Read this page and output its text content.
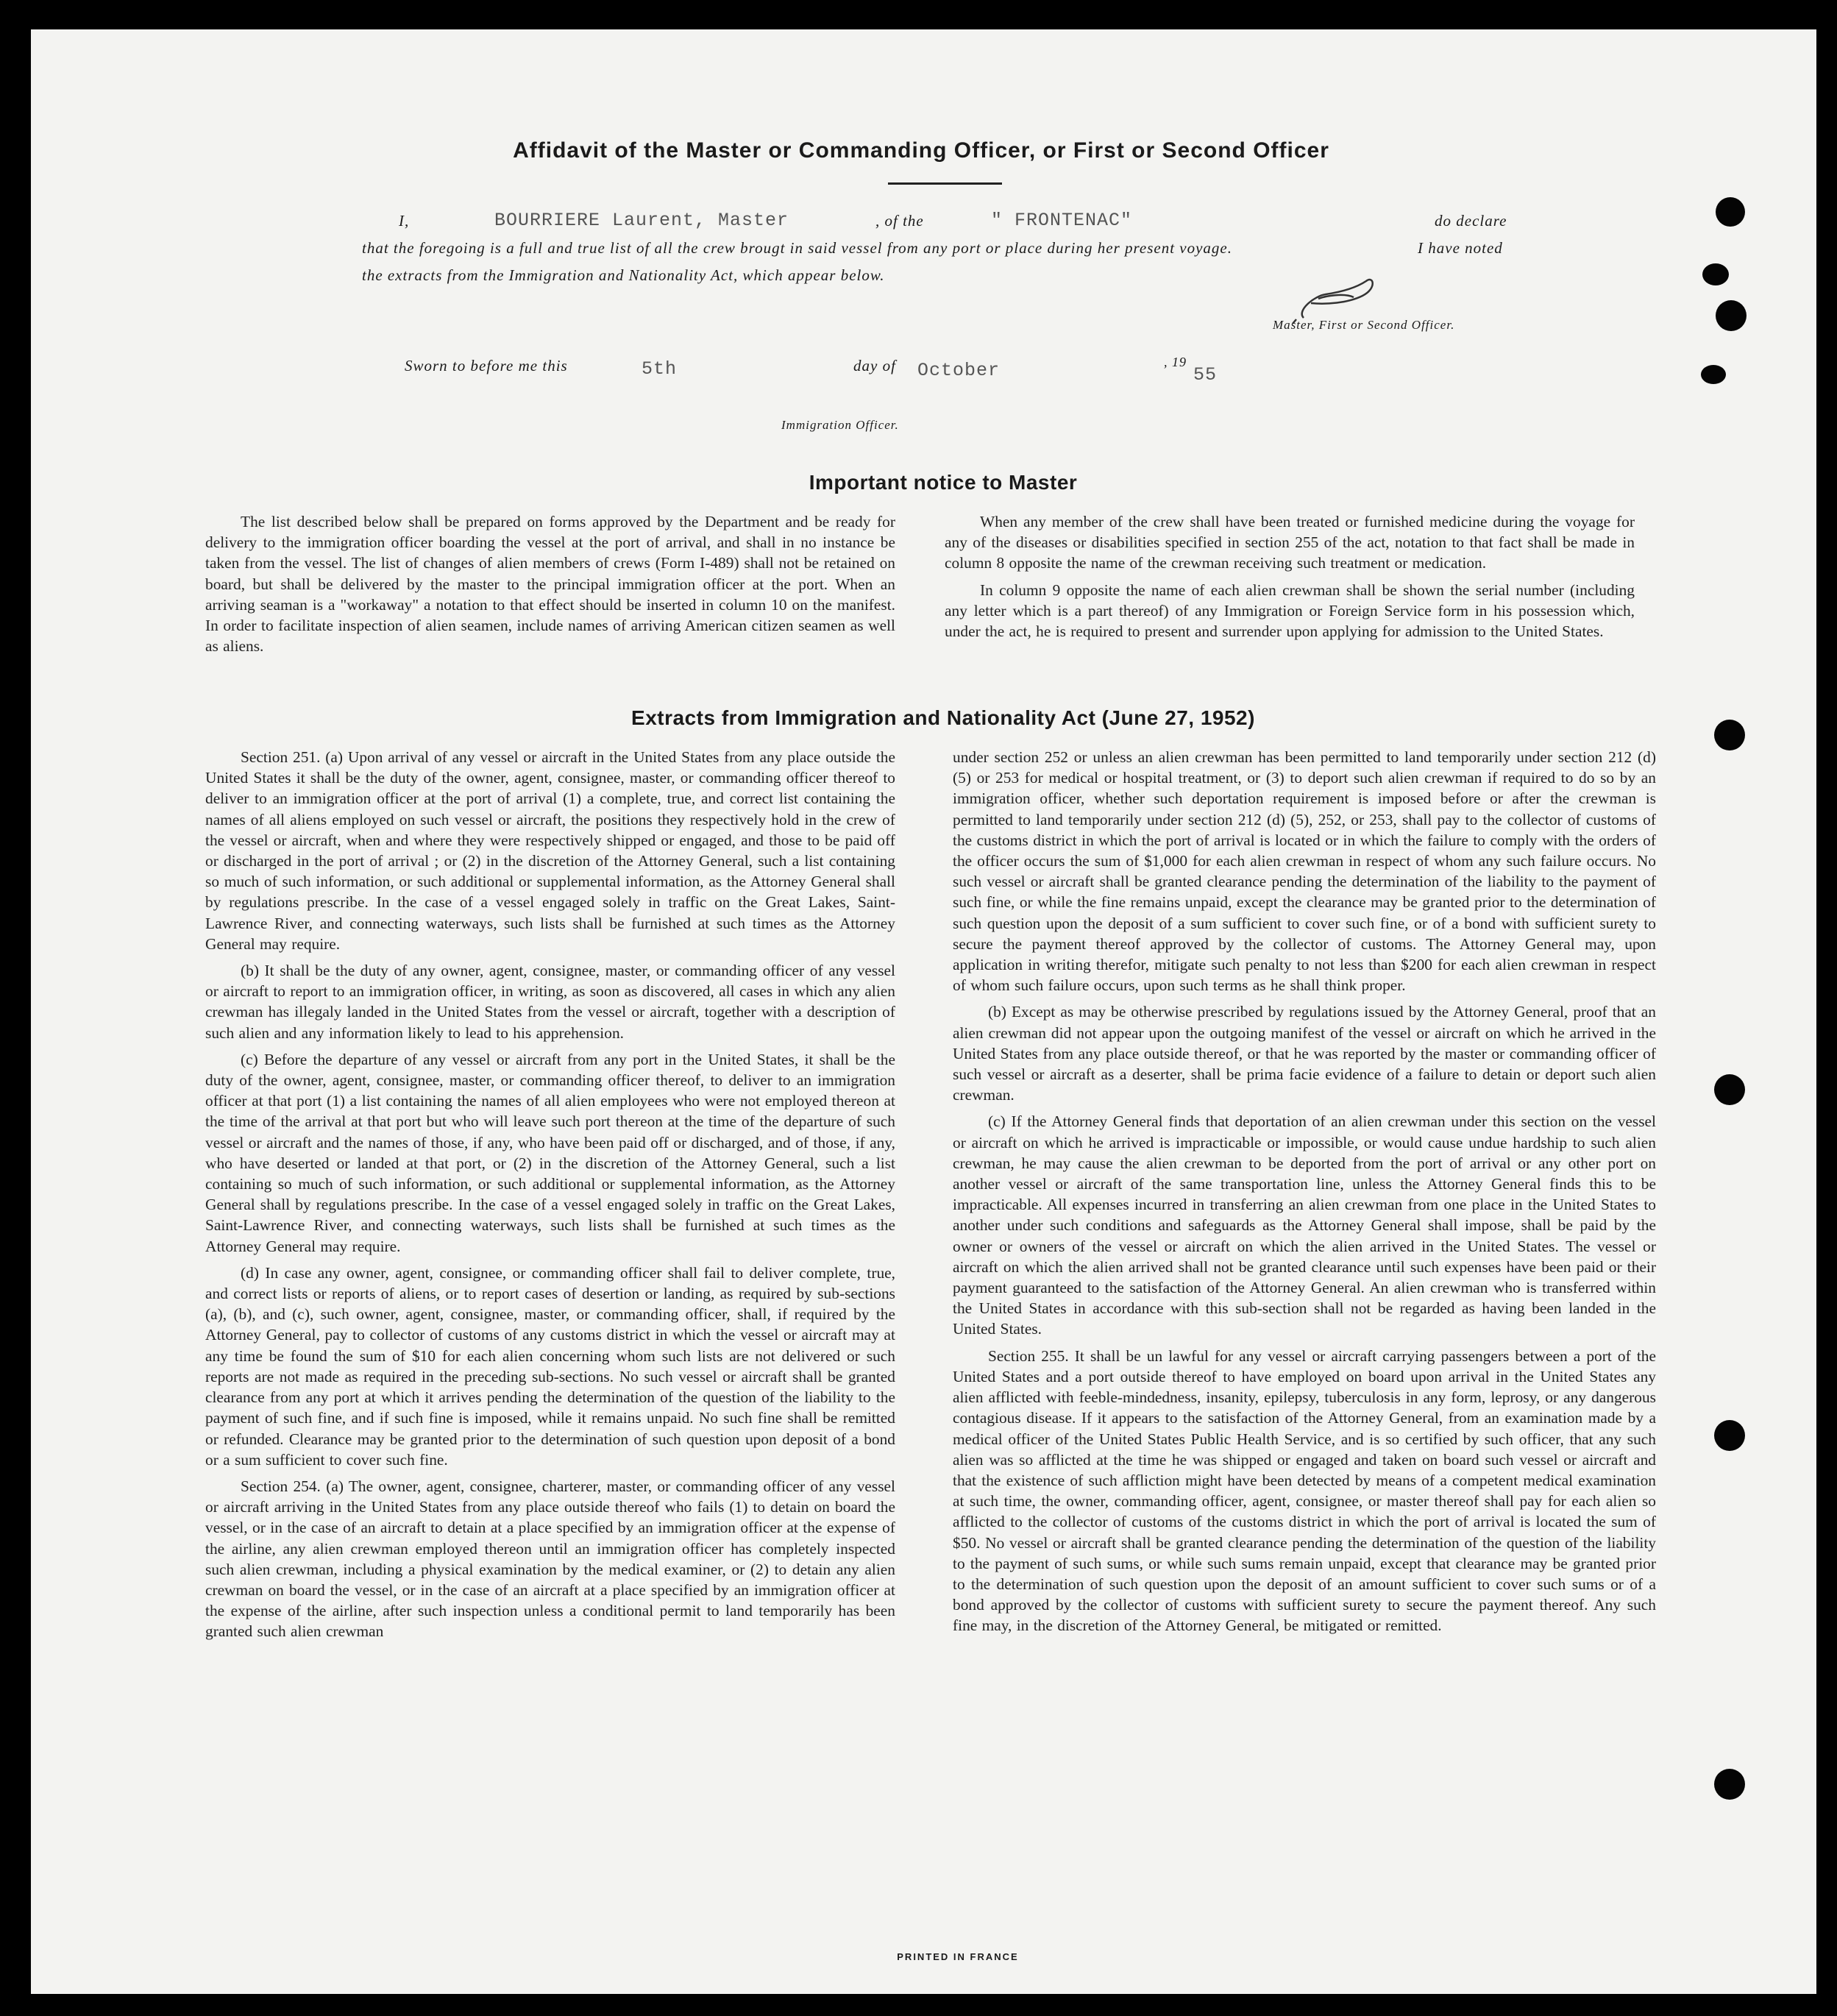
Affidavit of the Master or Commanding Officer, or First or Second Officer
I,	BOURRIERE Laurent, Master	, of the	" FRONTENAC"	do declare
that the foregoing is a full and true list of all the crew brougt in said vessel from any port or place during her present voyage.	I have noted
the extracts from the Immigration and Nationality Act, which appear below.
Master, First or Second Officer.
Sworn to before me this	5th	day of October	, 19
55
Immigration Officer.
Important notice to Master

The list described below shall be prepared on forms approved by the Department and be ready for delivery to the immigration officer boarding the vessel at the port of arrival, and shall in no instance be taken from the vessel. The list of changes of alien members of crews (Form I-489) shall not be retained on board, but shall be delivered by the master to the principal immigration officer at the port. When an arriving seaman is a "workaway" a notation to that effect should be inserted in column 10 on the manifest. In order to facilitate inspection of alien seamen, include names of arriving American citizen seamen as well as aliens.

When any member of the crew shall have been treated or furnished medicine during the voyage for any of the diseases or disabilities specified in section 255 of the act, notation to that fact shall be made in column 8 opposite the name of the crewman receiving such treatment or medication.

In column 9 opposite the name of each alien crewman shall be shown the serial number (including any letter which is a part thereof) of any Immigration or Foreign Service form in his possession which, under the act, he is required to present and surrender upon applying for admission to the United States.

Extracts from Immigration and Nationality Act (June 27, 1952)

Section 251. (a) Upon arrival of any vessel or aircraft in the United States from any place outside the United States it shall be the duty of the owner, agent, consignee, master, or commanding officer thereof to deliver to an immigration officer at the port of arrival (1) a complete, true, and correct list containing the names of all aliens employed on such vessel or aircraft, the positions they respectively hold in the crew of the vessel or aircraft, when and where they were respectively shipped or engaged, and those to be paid off or discharged in the port of arrival ; or (2) in the discretion of the Attorney General, such a list containing so much of such information, or such additional or supplemental information, as the Attorney General shall by regulations prescribe. In the case of a vessel engaged solely in traffic on the Great Lakes, Saint-Lawrence River, and connecting waterways, such lists shall be furnished at such times as the Attorney General may require.

(b) It shall be the duty of any owner, agent, consignee, master, or commanding officer of any vessel or aircraft to report to an immigration officer, in writing, as soon as discovered, all cases in which any alien crewman has illegaly landed in the United States from the vessel or aircraft, together with a description of such alien and any information likely to lead to his apprehension.

(c) Before the departure of any vessel or aircraft from any port in the United States, it shall be the duty of the owner, agent, consignee, master, or commanding officer thereof, to deliver to an immigration officer at that port (1) a list containing the names of all alien employees who were not employed thereon at the time of the arrival at that port but who will leave such port thereon at the time of the departure of such vessel or aircraft and the names of those, if any, who have been paid off or discharged, and of those, if any, who have deserted or landed at that port, or (2) in the discretion of the Attorney General, such a list containing so much of such information, or such additional or supplemental information, as the Attorney General shall by regulations prescribe. In the case of a vessel engaged solely in traffic on the Great Lakes, Saint-Lawrence River, and connecting waterways, such lists shall be furnished at such times as the Attorney General may require.

(d) In case any owner, agent, consignee, or commanding officer shall fail to deliver complete, true, and correct lists or reports of aliens, or to report cases of desertion or landing, as required by sub-sections (a), (b), and (c), such owner, agent, consignee, master, or commanding officer, shall, if required by the Attorney General, pay to collector of customs of any customs district in which the vessel or aircraft may at any time be found the sum of $10 for each alien concerning whom such lists are not delivered or such reports are not made as required in the preceding sub-sections. No such vessel or aircraft shall be granted clearance from any port at which it arrives pending the determination of the question of the liability to the payment of such fine, and if such fine is imposed, while it remains unpaid. No such fine shall be remitted or refunded. Clearance may be granted prior to the determination of such question upon deposit of a bond or a sum sufficient to cover such fine.

Section 254. (a) The owner, agent, consignee, charterer, master, or commanding officer of any vessel or aircraft arriving in the United States from any place outside thereof who fails (1) to detain on board the vessel, or in the case of an aircraft to detain at a place specified by an immigration officer at the expense of the airline, any alien crewman employed thereon until an immigration officer has completely inspected such alien crewman, including a physical examination by the medical examiner, or (2) to detain any alien crewman on board the vessel, or in the case of an aircraft at a place specified by an immigration officer at the expense of the airline, after such inspection unless a conditional permit to land temporarily has been granted such alien crewman

under section 252 or unless an alien crewman has been permitted to land temporarily under section 212 (d) (5) or 253 for medical or hospital treatment, or (3) to deport such alien crewman if required to do so by an immigration officer, whether such deportation requirement is imposed before or after the crewman is permitted to land temporarily under section 212 (d) (5), 252, or 253, shall pay to the collector of customs of the customs district in which the port of arrival is located or in which the failure to comply with the orders of the officer occurs the sum of $1,000 for each alien crewman in respect of whom any such failure occurs. No such vessel or aircraft shall be granted clearance pending the determination of the liability to the payment of such fine, or while the fine remains unpaid, except the clearance may be granted prior to the determination of such question upon the deposit of a sum sufficient to cover such fine, or of a bond with sufficient surety to secure the payment thereof approved by the collector of customs. The Attorney General may, upon application in writing therefor, mitigate such penalty to not less than $200 for each alien crewman in respect of whom such failure occurs, upon such terms as he shall think proper.

(b) Except as may be otherwise prescribed by regulations issued by the Attorney General, proof that an alien crewman did not appear upon the outgoing manifest of the vessel or aircraft on which he arrived in the United States from any place outside thereof, or that he was reported by the master or commanding officer of such vessel or aircraft as a deserter, shall be prima facie evidence of a failure to detain or deport such alien crewman.

(c) If the Attorney General finds that deportation of an alien crewman under this section on the vessel or aircraft on which he arrived is impracticable or impossible, or would cause undue hardship to such alien crewman, he may cause the alien crewman to be deported from the port of arrival or any other port on another vessel or aircraft of the same transportation line, unless the Attorney General finds this to be impracticable. All expenses incurred in transferring an alien crewman from one place in the United States to another under such conditions and safeguards as the Attorney General shall impose, shall be paid by the owner or owners of the vessel or aircraft on which the alien arrived in the United States. The vessel or aircraft on which the alien arrived shall not be granted clearance until such expenses have been paid or their payment guaranteed to the satisfaction of the Attorney General. An alien crewman who is transferred within the United States in accordance with this sub-section shall not be regarded as having been landed in the United States.

Section 255. It shall be un lawful for any vessel or aircraft carrying passengers between a port of the United States and a port outside thereof to have employed on board upon arrival in the United States any alien afflicted with feeble-mindedness, insanity, epilepsy, tuberculosis in any form, leprosy, or any dangerous contagious disease. If it appears to the satisfaction of the Attorney General, from an examination made by a medical officer of the United States Public Health Service, and is so certified by such officer, that any such alien was so afflicted at the time he was shipped or engaged and taken on board such vessel or aircraft and that the existence of such affliction might have been detected by means of a competent medical examination at such time, the owner, commanding officer, agent, consignee, or master thereof shall pay for each alien so afflicted to the collector of customs of the customs district in which the port of arrival is located the sum of $50. No vessel or aircraft shall be granted clearance pending the determination of the question of the liability to the payment of such sums, or while such sums remain unpaid, except that clearance may be granted prior to the determination of such question upon the deposit of an amount sufficient to cover such sums or of a bond approved by the collector of customs with sufficient surety to secure the payment thereof. Any such fine may, in the discretion of the Attorney General, be mitigated or remitted.

PRINTED IN FRANCE
